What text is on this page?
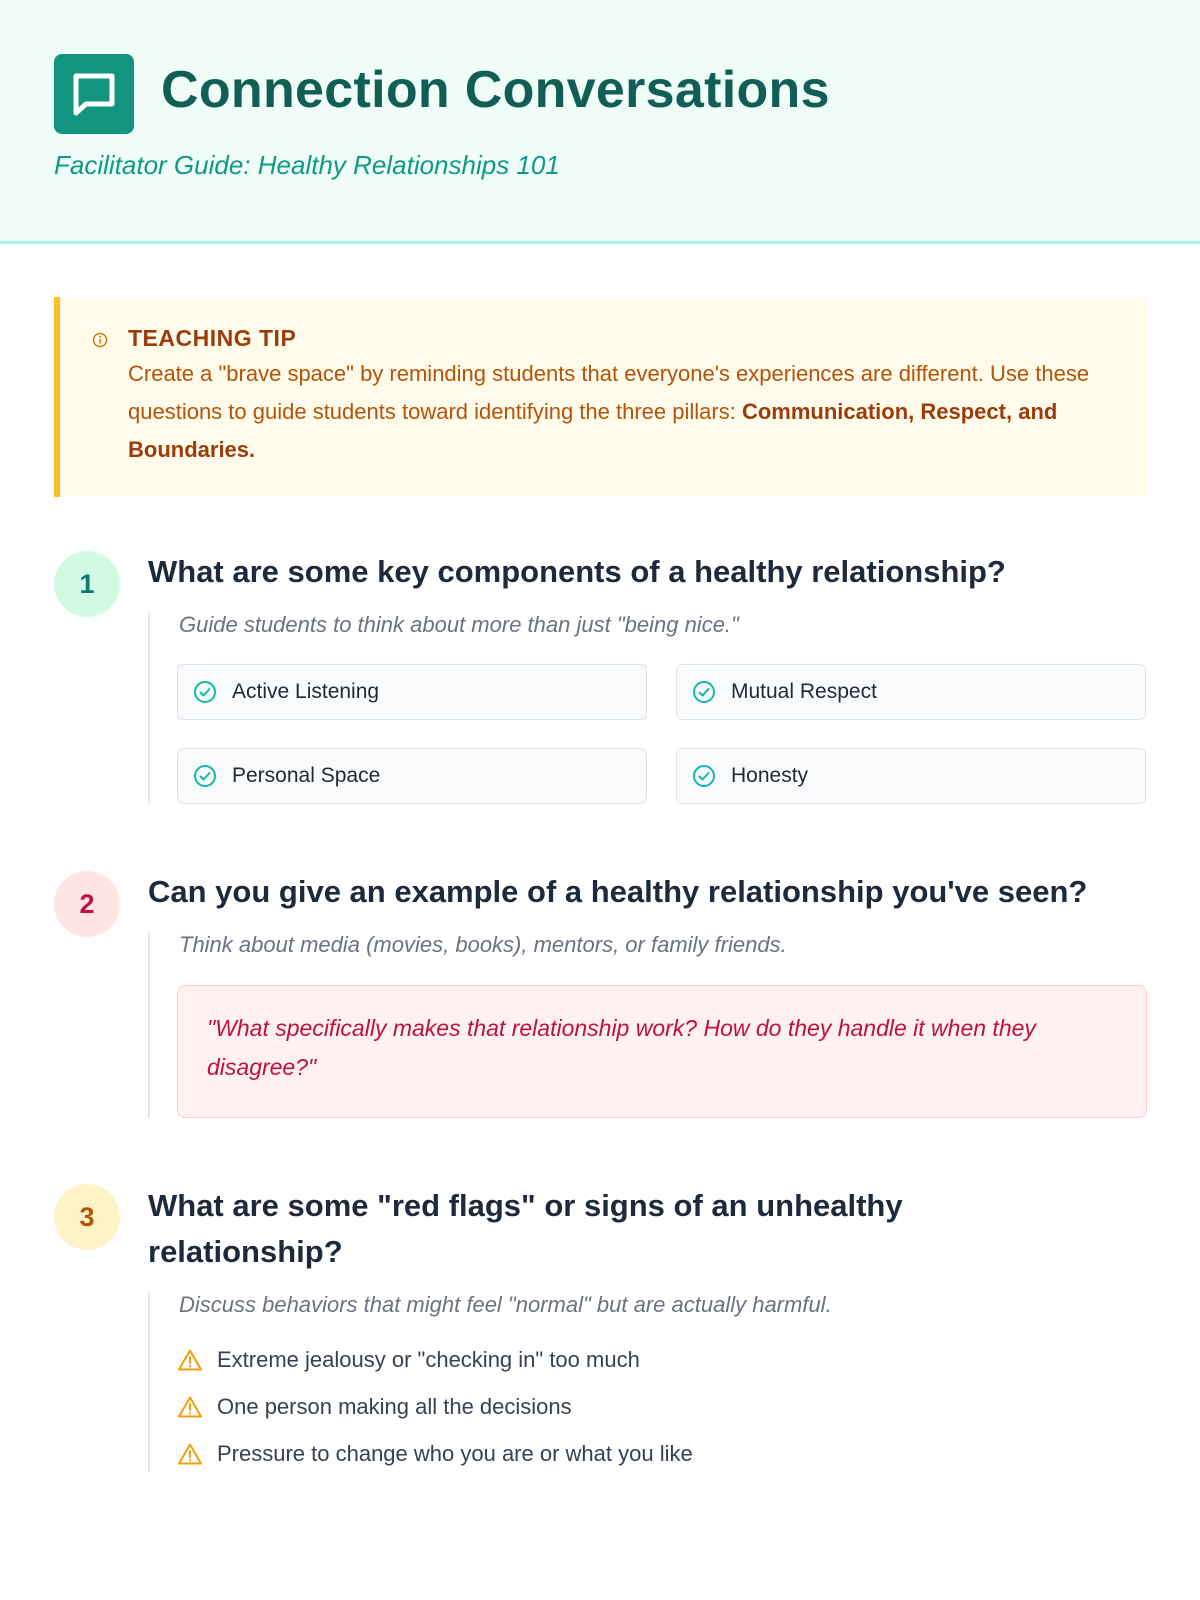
Connection Conversations
Facilitator Guide: Healthy Relationships 101
TEACHING TIP
Create a "brave space" by reminding students that everyone's experiences are different. Use these questions to guide students toward identifying the three pillars: Communication, Respect, and Boundaries.
1	What are some key components of a healthy relationship?
Guide students to think about more than just "being nice."
Active Listening	Mutual Respect
Personal Space	Honesty
2	Can you give an example of a healthy relationship you've seen?
Think about media (movies, books), mentors, or family friends.

"What specifically makes that relationship work? How do they handle it when they disagree?"

3	What are some "red flags" or signs of an unhealthy relationship?
Discuss behaviors that might feel "normal" but are actually harmful.
Extreme jealousy or "checking in" too much
One person making all the decisions
Pressure to change who you are or what you like
